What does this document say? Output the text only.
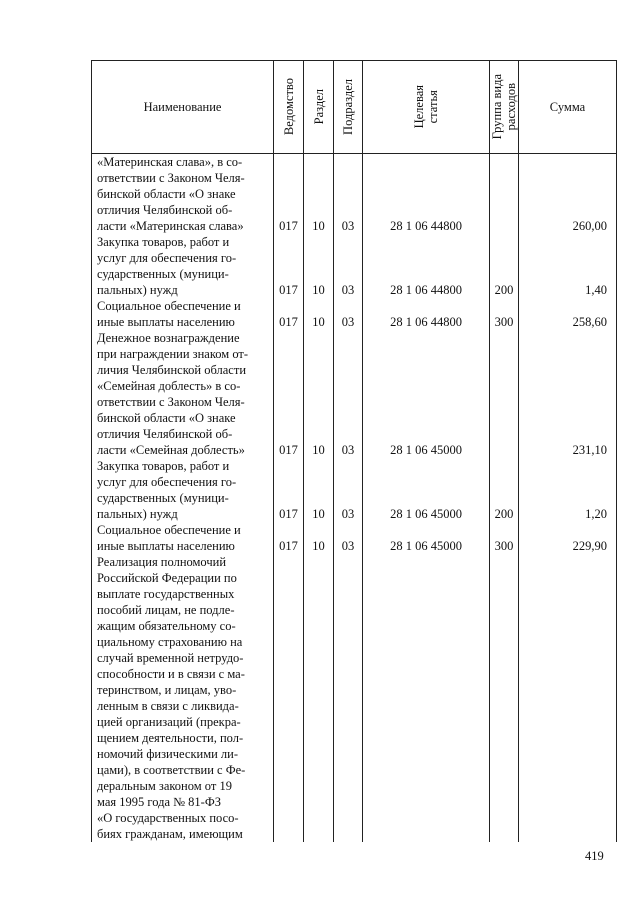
Наименование	Ведомство	Раздел	Подраздел	Целевая
статья	Группа вида
расходов	Сумма
«Материнская слава», в со-						
ответствии с Законом Челя-						
бинской области «О знаке						
отличия Челябинской об-						
ласти «Материнская слава»	017	10	03	28 1 06 44800		260,00
Закупка товаров, работ и						
услуг для обеспечения го-						
сударственных (муници-						
пальных) нужд	017	10	03	28 1 06 44800	200	1,40
Социальное обеспечение и						
иные выплаты населению	017	10	03	28 1 06 44800	300	258,60
Денежное вознаграждение						
при награждении знаком от-						
личия Челябинской области						
«Семейная доблесть» в со-						
ответствии с Законом Челя-						
бинской области «О знаке						
отличия Челябинской об-						
ласти «Семейная доблесть»	017	10	03	28 1 06 45000		231,10
Закупка товаров, работ и						
услуг для обеспечения го-						
сударственных (муници-						
пальных) нужд	017	10	03	28 1 06 45000	200	1,20
Социальное обеспечение и						
иные выплаты населению	017	10	03	28 1 06 45000	300	229,90
Реализация полномочий						
Российской Федерации по						
выплате государственных						
пособий лицам, не подле-						
жащим обязательному со-						
циальному страхованию на						
случай временной нетрудо-						
способности и в связи с ма-						
теринством, и лицам, уво-						
ленным в связи с ликвида-						
цией организаций (прекра-						
щением деятельности, пол-						
номочий физическими ли-						
цами), в соответствии с Фе-						
деральным законом от 19						
мая 1995 года № 81-ФЗ						
«О государственных посо-						
биях гражданам, имеющим						
419
